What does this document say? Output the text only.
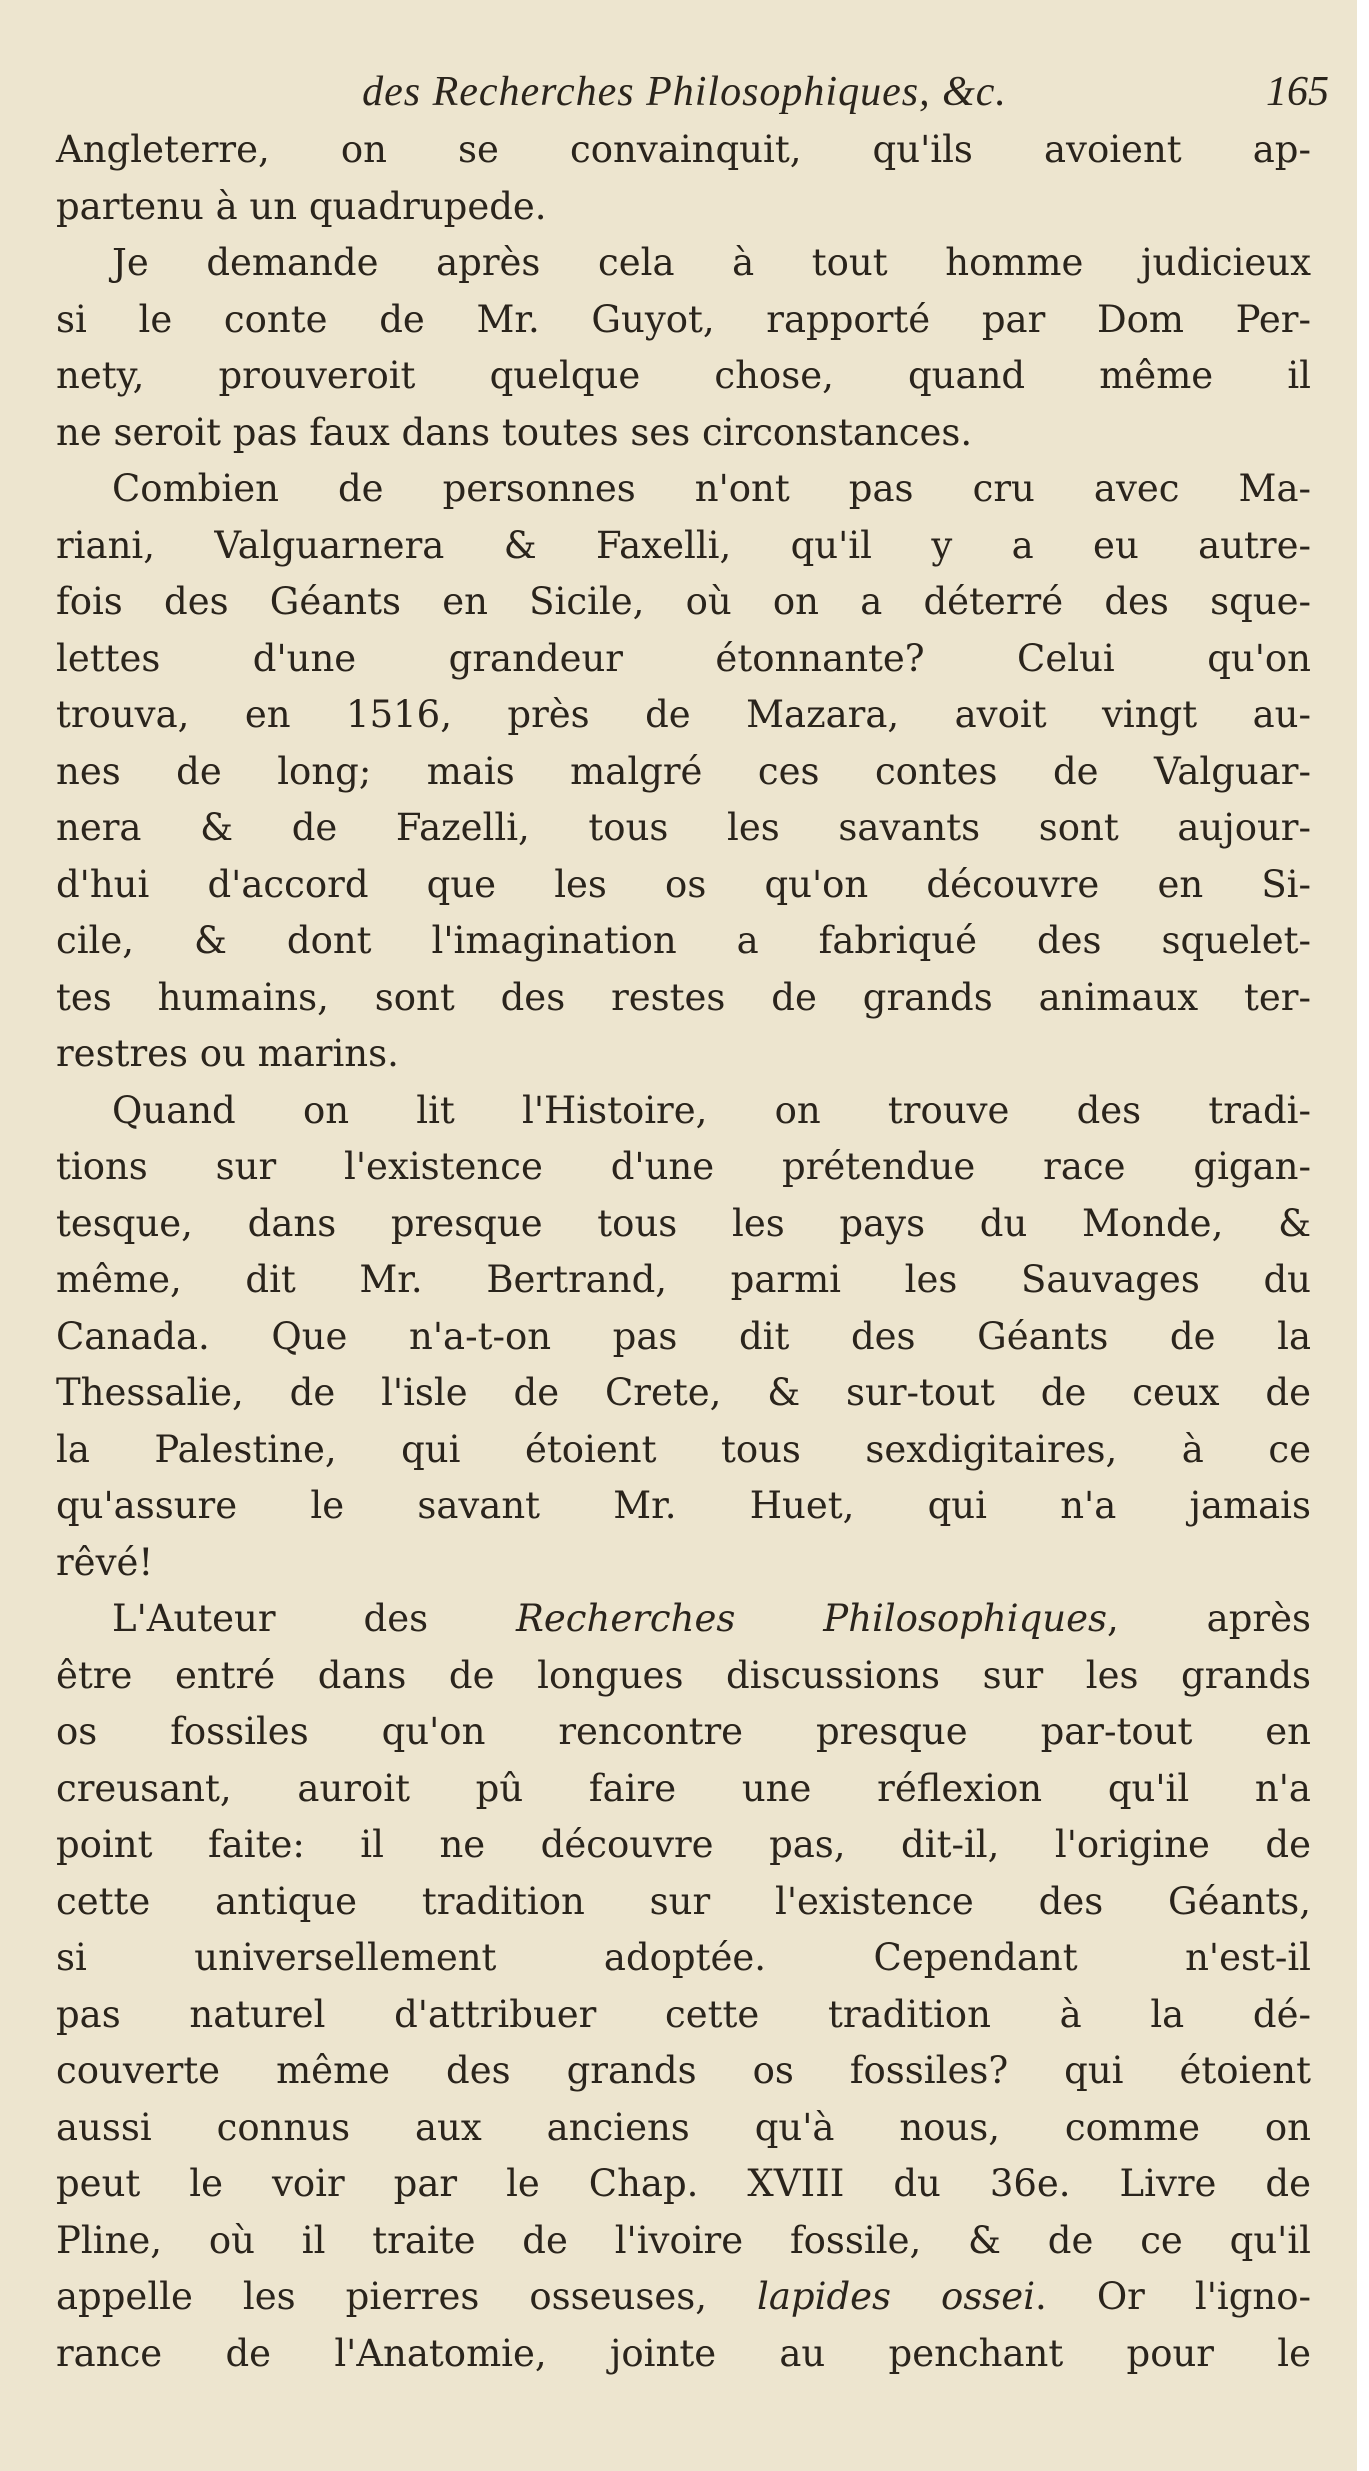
des Recherches Philosophiques, &c.	165
Angleterre, on se convainquit, qu'ils avoient ap-
partenu à un quadrupede.
Je demande après cela à tout homme judicieux
si le conte de Mr. Guyot, rapporté par Dom Per-
nety, prouveroit quelque chose, quand même il
ne seroit pas faux dans toutes ses circonstances.
Combien de personnes n'ont pas cru avec Ma-
riani, Valguarnera & Faxelli, qu'il y a eu autre-
fois des Géants en Sicile, où on a déterré des sque-
lettes d'une grandeur étonnante? Celui qu'on
trouva, en 1516, près de Mazara, avoit vingt au-
nes de long; mais malgré ces contes de Valguar-
nera & de Fazelli, tous les savants sont aujour-
d'hui d'accord que les os qu'on découvre en Si-
cile, & dont l'imagination a fabriqué des squelet-
tes humains, sont des restes de grands animaux ter-
restres ou marins.
Quand on lit l'Histoire, on trouve des tradi-
tions sur l'existence d'une prétendue race gigan-
tesque, dans presque tous les pays du Monde, &
même, dit Mr. Bertrand, parmi les Sauvages du
Canada. Que n'a-t-on pas dit des Géants de la
Thessalie, de l'isle de Crete, & sur-tout de ceux de
la Palestine, qui étoient tous sexdigitaires, à ce
qu'assure le savant Mr. Huet, qui n'a jamais
rêvé!
L'Auteur des Recherches Philosophiques, après
être entré dans de longues discussions sur les grands
os fossiles qu'on rencontre presque par-tout en
creusant, auroit pû faire une réflexion qu'il n'a
point faite: il ne découvre pas, dit-il, l'origine de
cette antique tradition sur l'existence des Géants,
si universellement adoptée. Cependant n'est-il
pas naturel d'attribuer cette tradition à la dé-
couverte même des grands os fossiles? qui étoient
aussi connus aux anciens qu'à nous, comme on
peut le voir par le Chap. XVIII du 36e. Livre de
Pline, où il traite de l'ivoire fossile, & de ce qu'il
appelle les pierres osseuses, lapides ossei. Or l'igno-
rance de l'Anatomie, jointe au penchant pour le
